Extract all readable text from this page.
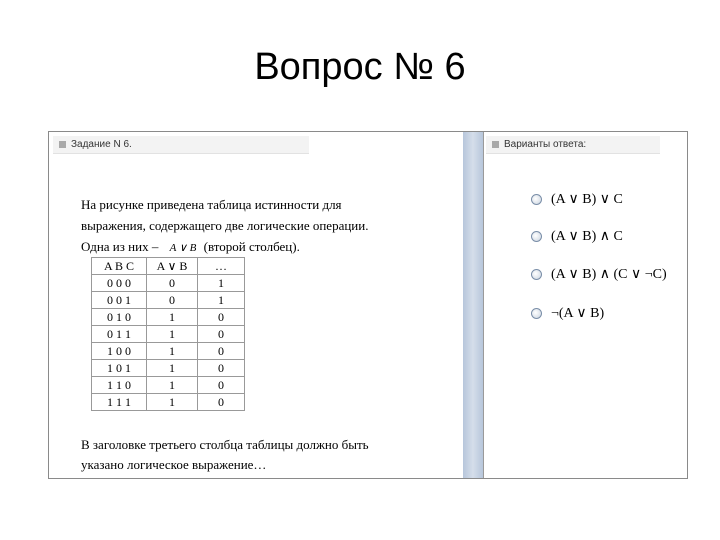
Вопрос № 6
Задание N 6.

На рисунке приведена таблица истинности для

выражения, содержащего две логические операции.

Одна из них – A ∨ B (второй столбец).

A B C	A ∨ B	…
0 0 0	0	1
0 0 1	0	1
0 1 0	1	0
0 1 1	1	0
1 0 0	1	0
1 0 1	1	0
1 1 0	1	0
1 1 1	1	0
В заголовке третьего столбца таблицы должно быть
указано логическое выражение…
Варианты ответа:
(A ∨ B) ∨ C
(A ∨ B) ∧ C
(A ∨ B) ∧ (C ∨ ¬C)
¬(A ∨ B)
